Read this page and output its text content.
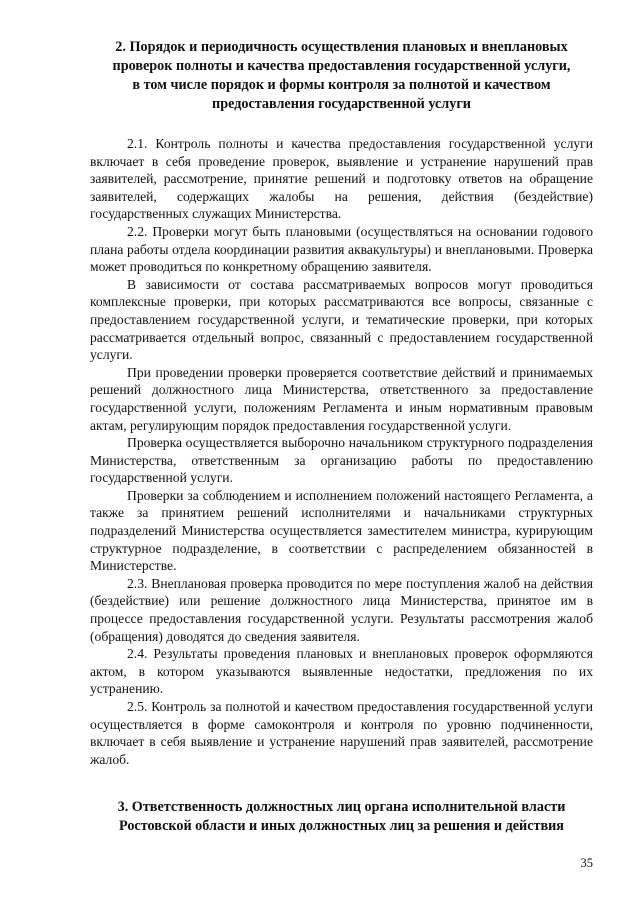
2. Порядок и периодичность осуществления плановых и внеплановых
проверок полноты и качества предоставления государственной услуги,
в том числе порядок и формы контроля за полнотой и качеством
предоставления государственной услуги

2.1. Контроль полноты и качества предоставления государственной услуги включает в себя проведение проверок, выявление и устранение нарушений прав заявителей, рассмотрение, принятие решений и подготовку ответов на обращение заявителей, содержащих жалобы на решения, действия (бездействие) государственных служащих Министерства.

2.2. Проверки могут быть плановыми (осуществляться на основании годового плана работы отдела координации развития аквакультуры) и внеплановыми. Проверка может проводиться по конкретному обращению заявителя.

В зависимости от состава рассматриваемых вопросов могут проводиться комплексные проверки, при которых рассматриваются все вопросы, связанные с предоставлением государственной услуги, и тематические проверки, при которых рассматривается отдельный вопрос, связанный с предоставлением государственной услуги.

При проведении проверки проверяется соответствие действий и принимаемых решений должностного лица Министерства, ответственного за предоставление государственной услуги, положениям Регламента и иным нормативным правовым актам, регулирующим порядок предоставления государственной услуги.

Проверка осуществляется выборочно начальником структурного подразделения Министерства, ответственным за организацию работы по предоставлению государственной услуги.

Проверки за соблюдением и исполнением положений настоящего Регламента, а также за принятием решений исполнителями и начальниками структурных подразделений Министерства осуществляется заместителем министра, курирующим структурное подразделение, в соответствии с распределением обязанностей в Министерстве.

2.3. Внеплановая проверка проводится по мере поступления жалоб на действия (бездействие) или решение должностного лица Министерства, принятое им в процессе предоставления государственной услуги. Результаты рассмотрения жалоб (обращения) доводятся до сведения заявителя.

2.4. Результаты проведения плановых и внеплановых проверок оформляются актом, в котором указываются выявленные недостатки, предложения по их устранению.

2.5. Контроль за полнотой и качеством предоставления государственной услуги осуществляется в форме самоконтроля и контроля по уровню подчиненности, включает в себя выявление и устранение нарушений прав заявителей, рассмотрение жалоб.

3. Ответственность должностных лиц органа исполнительной власти
Ростовской области и иных должностных лиц за решения и действия
35
